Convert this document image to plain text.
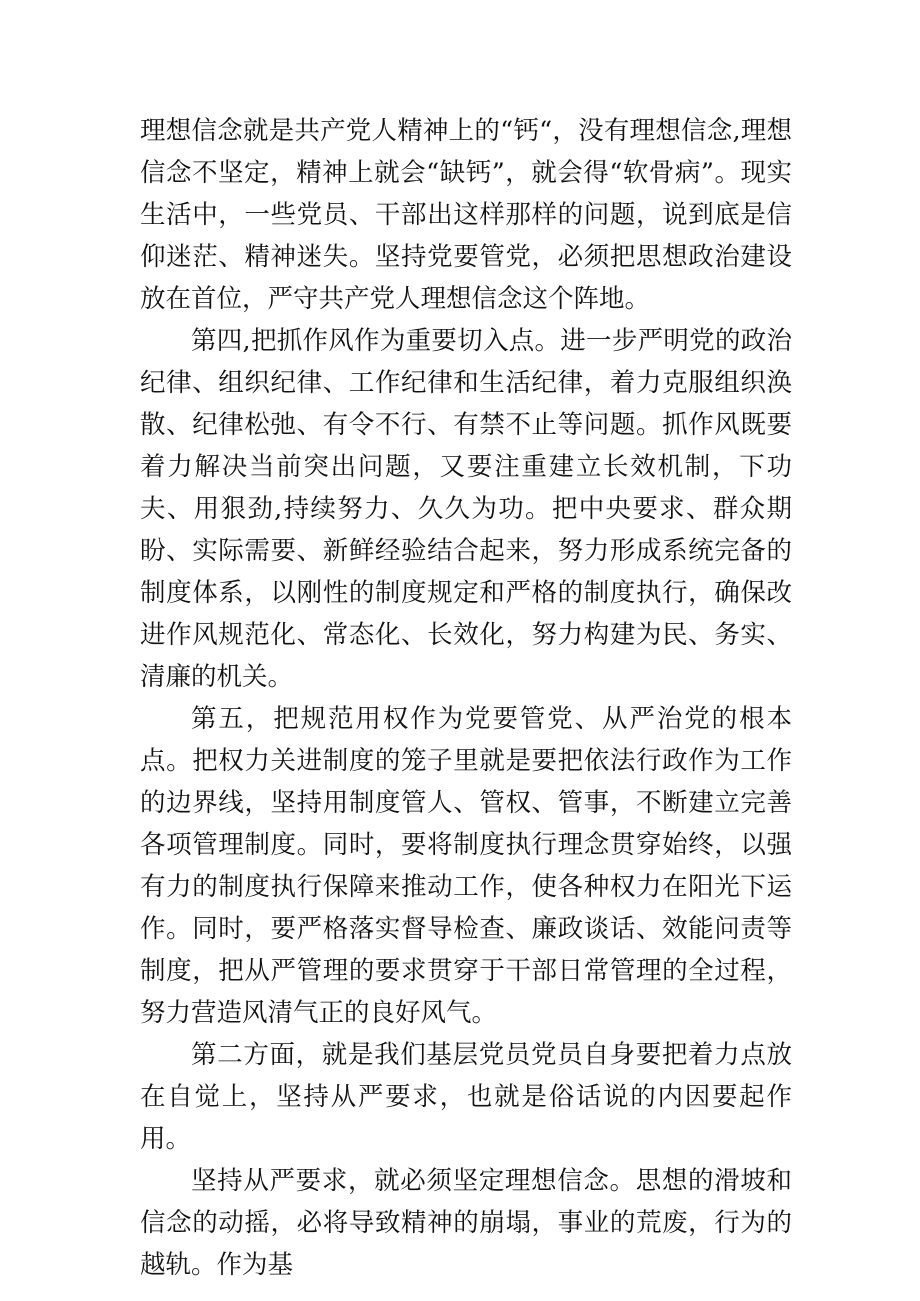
理想信念就是共产党人精神上的“钙“，没有理想信念,理想信念不坚定，精神上就会“缺钙”，就会得“软骨病”。现实生活中，一些党员、干部出这样那样的问题，说到底是信仰迷茫、精神迷失。坚持党要管党，必须把思想政治建设放在首位，严守共产党人理想信念这个阵地。

第四,把抓作风作为重要切入点。进一步严明党的政治纪律、组织纪律、工作纪律和生活纪律，着力克服组织涣散、纪律松弛、有令不行、有禁不止等问题。抓作风既要着力解决当前突出问题，又要注重建立长效机制，下功夫、用狠劲,持续努力、久久为功。把中央要求、群众期盼、实际需要、新鲜经验结合起来，努力形成系统完备的制度体系，以刚性的制度规定和严格的制度执行，确保改进作风规范化、常态化、长效化，努力构建为民、务实、清廉的机关。

第五，把规范用权作为党要管党、从严治党的根本点。把权力关进制度的笼子里就是要把依法行政作为工作的边界线，坚持用制度管人、管权、管事，不断建立完善各项管理制度。同时，要将制度执行理念贯穿始终，以强有力的制度执行保障来推动工作，使各种权力在阳光下运作。同时，要严格落实督导检查、廉政谈话、效能问责等制度，把从严管理的要求贯穿于干部日常管理的全过程，努力营造风清气正的良好风气。

第二方面，就是我们基层党员党员自身要把着力点放在自觉上，坚持从严要求，也就是俗话说的内因要起作用。

坚持从严要求，就必须坚定理想信念。思想的滑坡和信念的动摇，必将导致精神的崩塌，事业的荒废，行为的越轨。作为基
